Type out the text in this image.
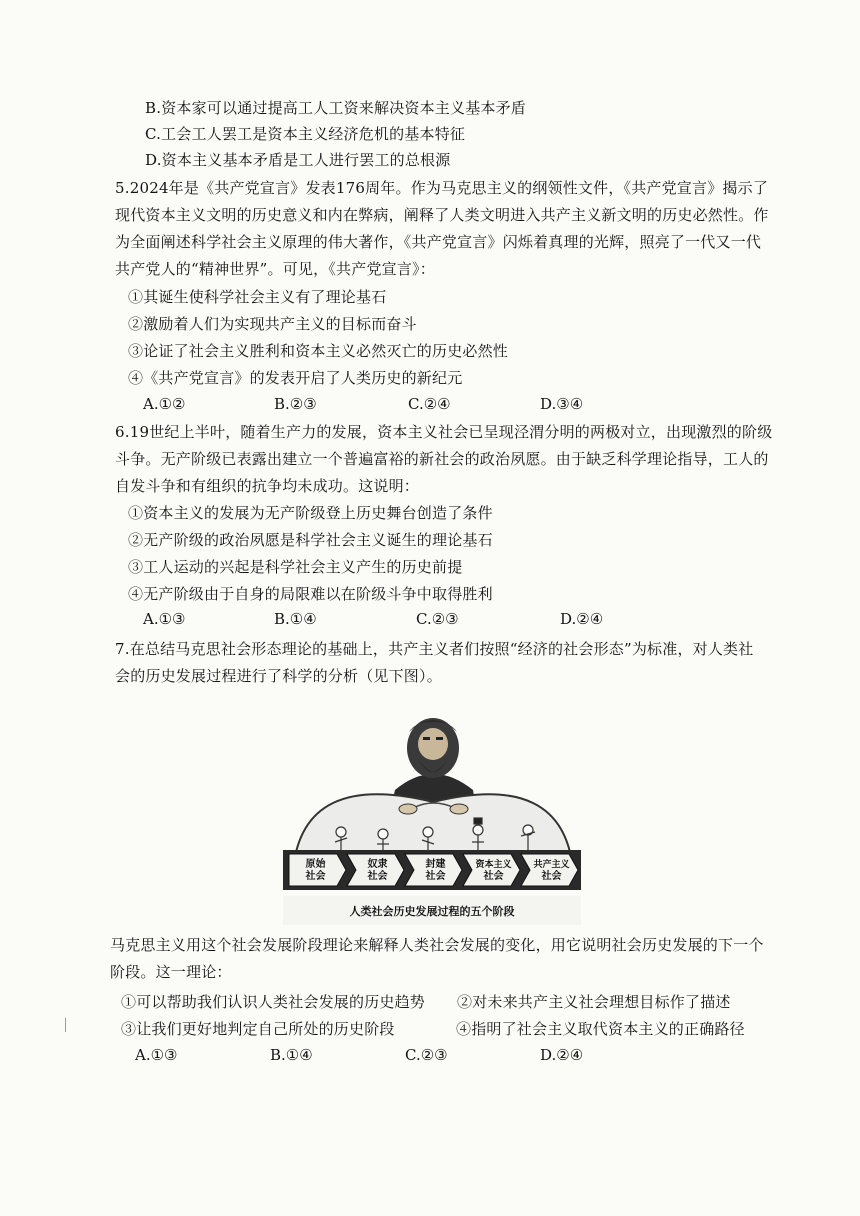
B.资本家可以通过提高工人工资来解决资本主义基本矛盾
C.工会工人罢工是资本主义经济危机的基本特征
D.资本主义基本矛盾是工人进行罢工的总根源
5.2024年是《共产党宣言》发表176周年。作为马克思主义的纲领性文件，《共产党宣言》揭示了
现代资本主义文明的历史意义和内在弊病，阐释了人类文明进入共产主义新文明的历史必然性。作
为全面阐述科学社会主义原理的伟大著作，《共产党宣言》闪烁着真理的光辉，照亮了一代又一代
共产党人的“精神世界”。可见，《共产党宣言》：
①其诞生使科学社会主义有了理论基石
②激励着人们为实现共产主义的目标而奋斗
③论证了社会主义胜利和资本主义必然灭亡的历史必然性
④《共产党宣言》的发表开启了人类历史的新纪元
A.①②	B.②③	C.②④	D.③④
6.19世纪上半叶，随着生产力的发展，资本主义社会已呈现泾渭分明的两极对立，出现激烈的阶级
斗争。无产阶级已表露出建立一个普遍富裕的新社会的政治夙愿。由于缺乏科学理论指导，工人的
自发斗争和有组织的抗争均未成功。这说明：
①资本主义的发展为无产阶级登上历史舞台创造了条件
②无产阶级的政治夙愿是科学社会主义诞生的理论基石
③工人运动的兴起是科学社会主义产生的历史前提
④无产阶级由于自身的局限难以在阶级斗争中取得胜利
A.①③	B.①④	C.②③	D.②④
7.在总结马克思社会形态理论的基础上，共产主义者们按照“经济的社会形态”为标准，对人类社
会的历史发展过程进行了科学的分析（见下图）。
原始
社会
奴隶
社会
封建
社会
资本主义
社会
共产主义
社会
人类社会历史发展过程的五个阶段
马克思主义用这个社会发展阶段理论来解释人类社会发展的变化，用它说明社会历史发展的下一个
阶段。这一理论：
①可以帮助我们认识人类社会发展的历史趋势 ②对未来共产主义社会理想目标作了描述
③让我们更好地判定自己所处的历史阶段	④指明了社会主义取代资本主义的正确路径
A.①③	B.①④	C.②③	D.②④
